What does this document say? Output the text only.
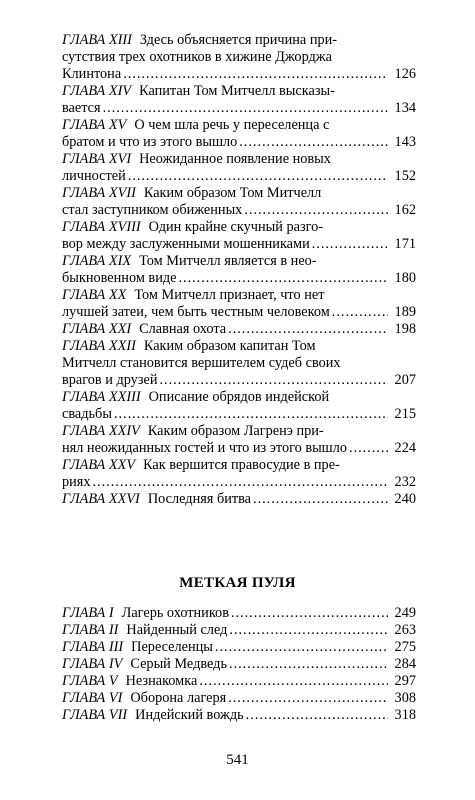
ГЛАВА XIII Здесь объясняется причина при-
сутствия трех охотников в хижине Джорджа
Клинтона . . .	126
ГЛАВА XIV Капитан Том Митчелл высказы-
вается . . .	134
ГЛАВА XV О чем шла речь у переселенца с
братом и что из этого вышло . . .	143
ГЛАВА XVI Неожиданное появление новых
личностей . . .	152
ГЛАВА XVII Каким образом Том Митчелл
стал заступником обиженных . . .	162
ГЛАВА XVIII Один крайне скучный разго-
вор между заслуженными мошенниками . . .	171
ГЛАВА XIX Том Митчелл является в нео-
быкновенном виде . . .	180
ГЛАВА XX Том Митчелл признает, что нет
лучшей затеи, чем быть честным человеком . . .	189
ГЛАВА XXI Славная охота . . .	198
ГЛАВА XXII Каким образом капитан Том
Митчелл становится вершителем судеб своих
врагов и друзей . . .	207
ГЛАВА XXIII Описание обрядов индейской
свадьбы . . .	215
ГЛАВА XXIV Каким образом Лагренэ при-
нял неожиданных гостей и что из этого вышло . . .	224
ГЛАВА XXV Как вершится правосудие в пре-
риях . . .	232
ГЛАВА XXVI Последняя битва . . .	240
МЕТКАЯ ПУЛЯ
ГЛАВА I Лагерь охотников . . .	249
ГЛАВА II Найденный след . . .	263
ГЛАВА III Переселенцы . . .	275
ГЛАВА IV Серый Медведь . . .	284
ГЛАВА V Незнакомка . . .	297
ГЛАВА VI Оборона лагеря . . .	308
ГЛАВА VII Индейский вождь . . .	318
541
